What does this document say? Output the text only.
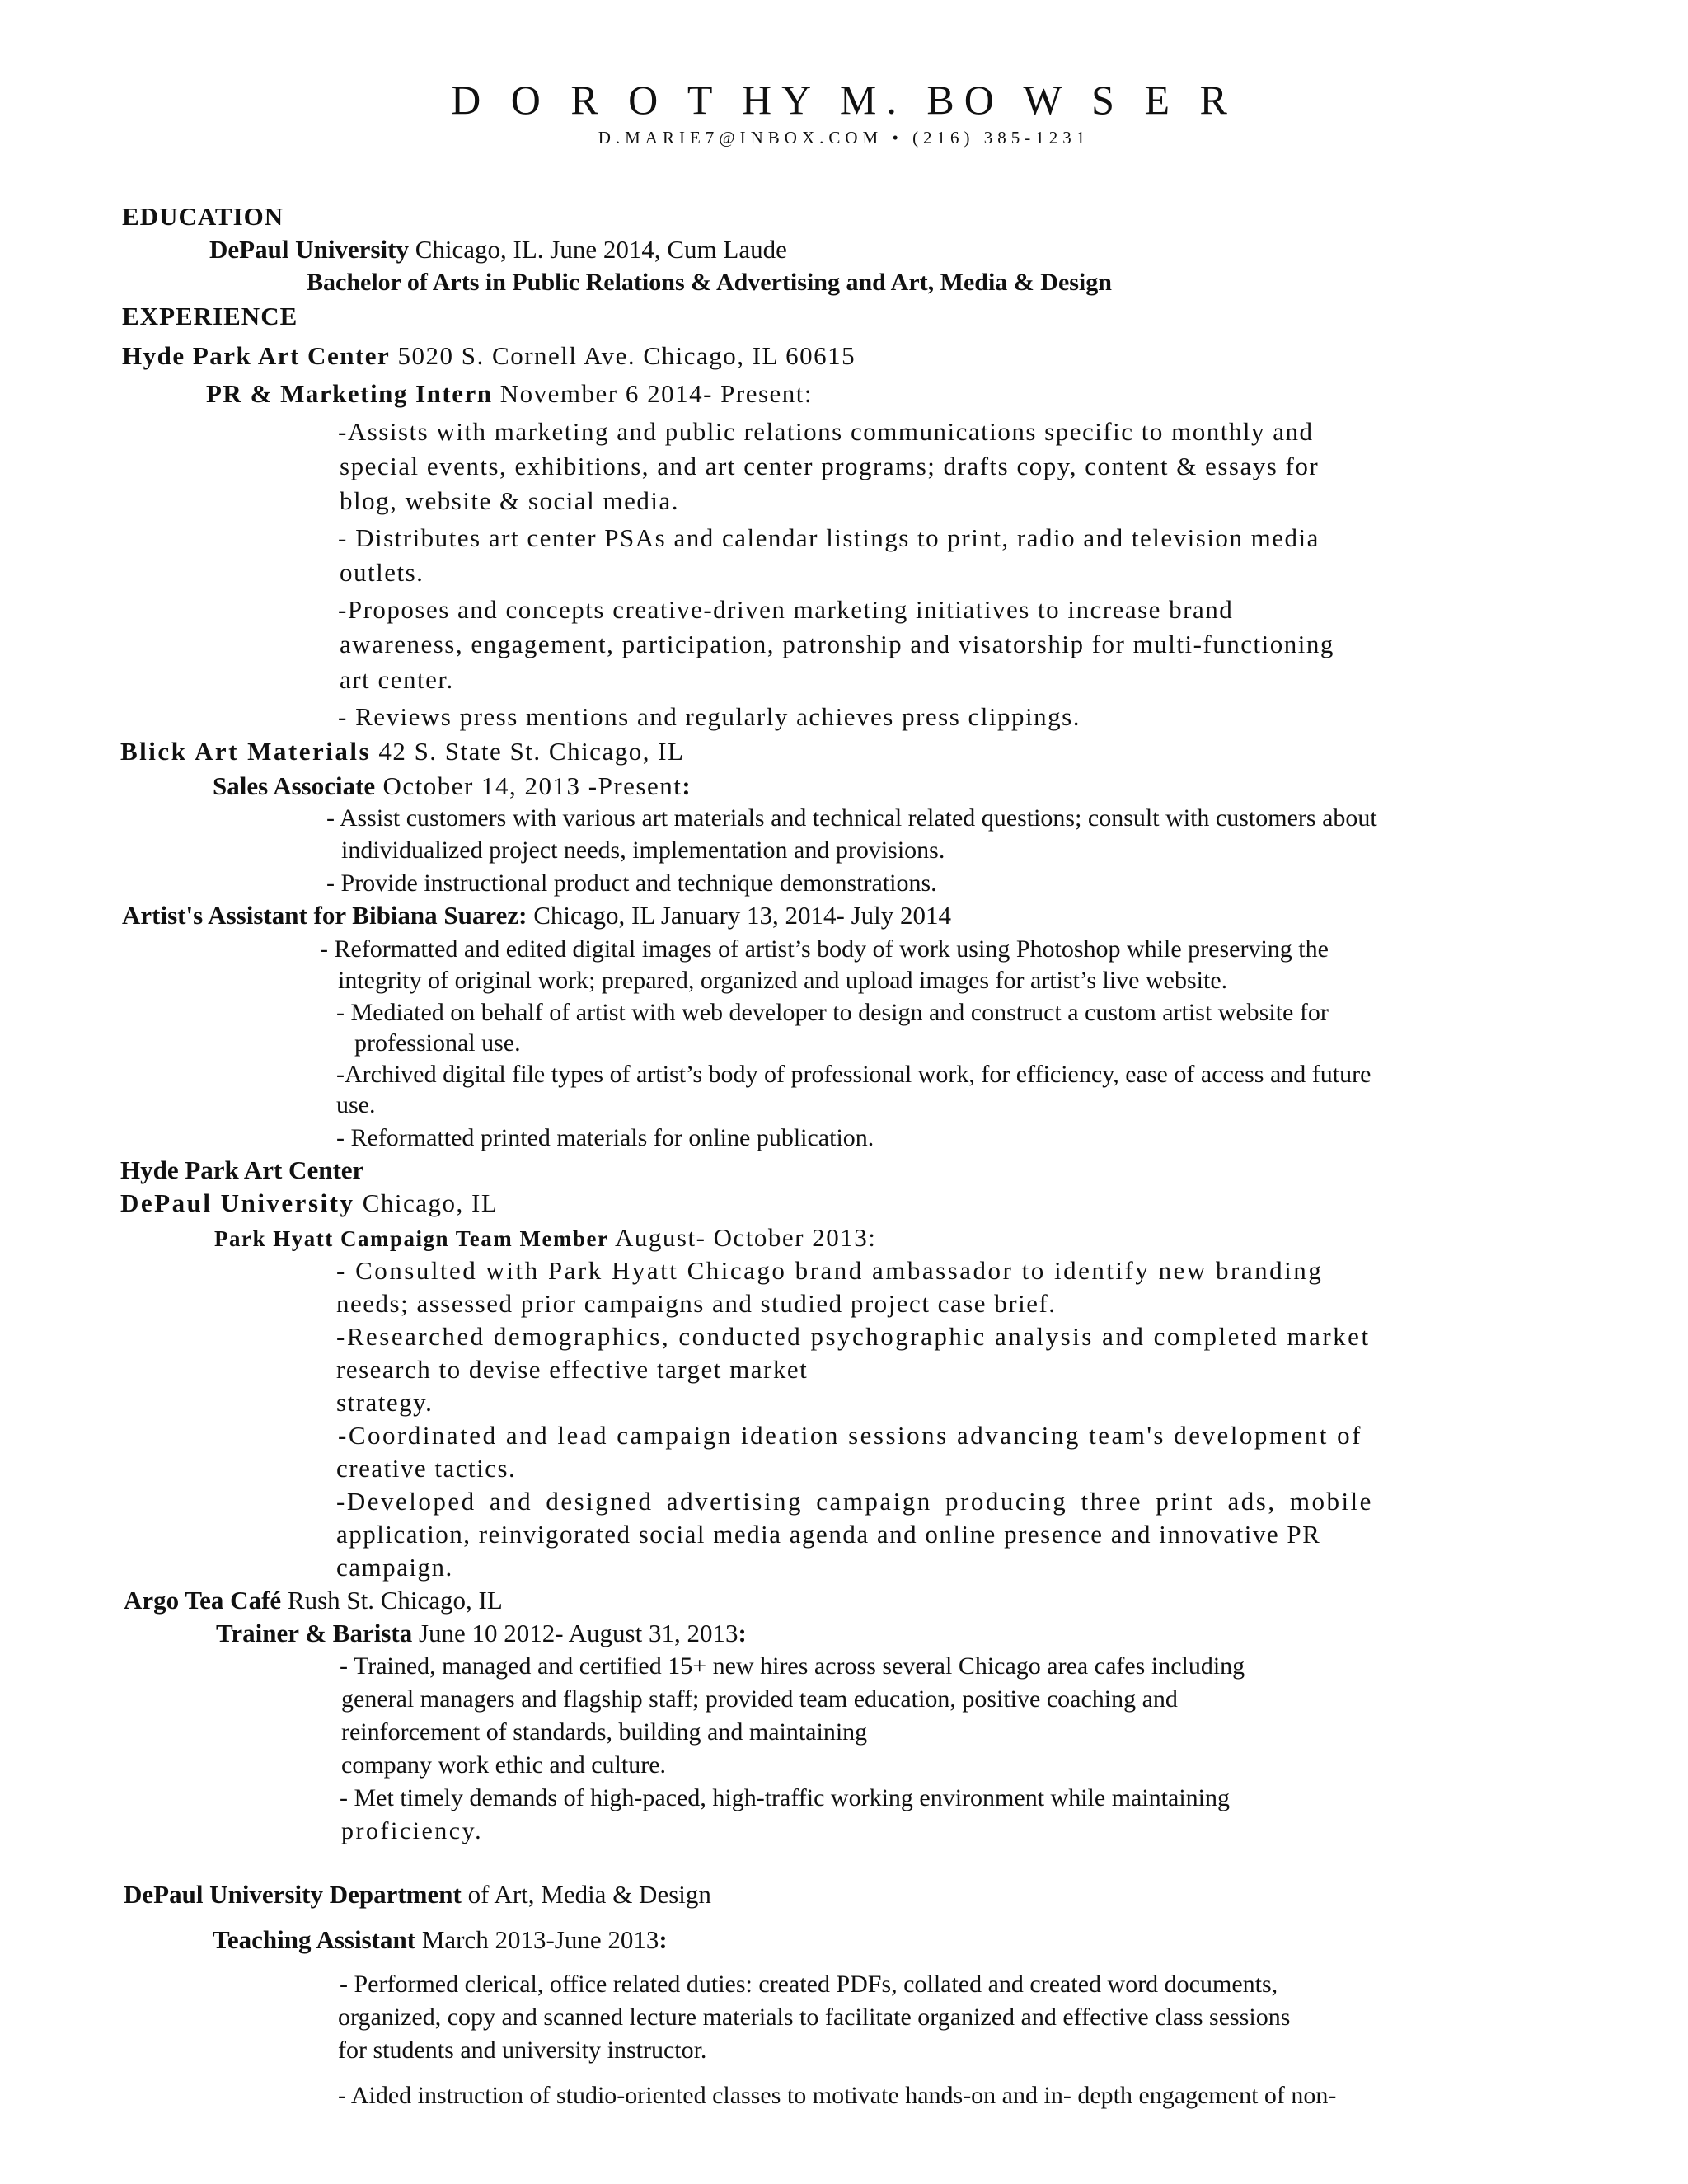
D O R O T HY M. BO W S E R
D.MARIE7@INBOX.COM • (216) 385-1231
EDUCATION
DePaul University Chicago, IL. June 2014, Cum Laude
Bachelor of Arts in Public Relations & Advertising and Art, Media & Design
EXPERIENCE
Hyde Park Art Center 5020 S. Cornell Ave. Chicago, IL 60615
PR & Marketing Intern November 6 2014- Present:
-Assists with marketing and public relations communications specific to monthly and
special events, exhibitions, and art center programs; drafts copy, content & essays for
blog, website & social media.
- Distributes art center PSAs and calendar listings to print, radio and television media
outlets.
-Proposes and concepts creative-driven marketing initiatives to increase brand
awareness, engagement, participation, patronship and visatorship for multi-functioning
art center.
- Reviews press mentions and regularly achieves press clippings.
Blick Art Materials 42 S. State St. Chicago, IL
Sales Associate October 14, 2013 -Present:
- Assist customers with various art materials and technical related questions; consult with customers about
individualized project needs, implementation and provisions.
- Provide instructional product and technique demonstrations.
Artist's Assistant for Bibiana Suarez: Chicago, IL January 13, 2014- July 2014
- Reformatted and edited digital images of artist’s body of work using Photoshop while preserving the
integrity of original work; prepared, organized and upload images for artist’s live website.
- Mediated on behalf of artist with web developer to design and construct a custom artist website for
professional use.
-Archived digital file types of artist’s body of professional work, for efficiency, ease of access and future
use.
- Reformatted printed materials for online publication.
Hyde Park Art Center
DePaul University Chicago, IL
Park Hyatt Campaign Team Member August- October 2013:
- Consulted with Park Hyatt Chicago brand ambassador to identify new branding
needs; assessed prior campaigns and studied project case brief.
-Researched demographics, conducted psychographic analysis and completed market
research to devise effective target market
strategy.
-Coordinated and lead campaign ideation sessions advancing team's development of
creative tactics.
-Developed and designed advertising campaign producing three print ads, mobile
application, reinvigorated social media agenda and online presence and innovative PR
campaign.
Argo Tea Café Rush St. Chicago, IL
Trainer & Barista June 10 2012- August 31, 2013:
- Trained, managed and certified 15+ new hires across several Chicago area cafes including
general managers and flagship staff; provided team education, positive coaching and
reinforcement of standards, building and maintaining
company work ethic and culture.
- Met timely demands of high-paced, high-traffic working environment while maintaining
proficiency.
DePaul University Department of Art, Media & Design
Teaching Assistant March 2013-June 2013:
- Performed clerical, office related duties: created PDFs, collated and created word documents,
organized, copy and scanned lecture materials to facilitate organized and effective class sessions
for students and university instructor.
- Aided instruction of studio-oriented classes to motivate hands-on and in- depth engagement of non-
